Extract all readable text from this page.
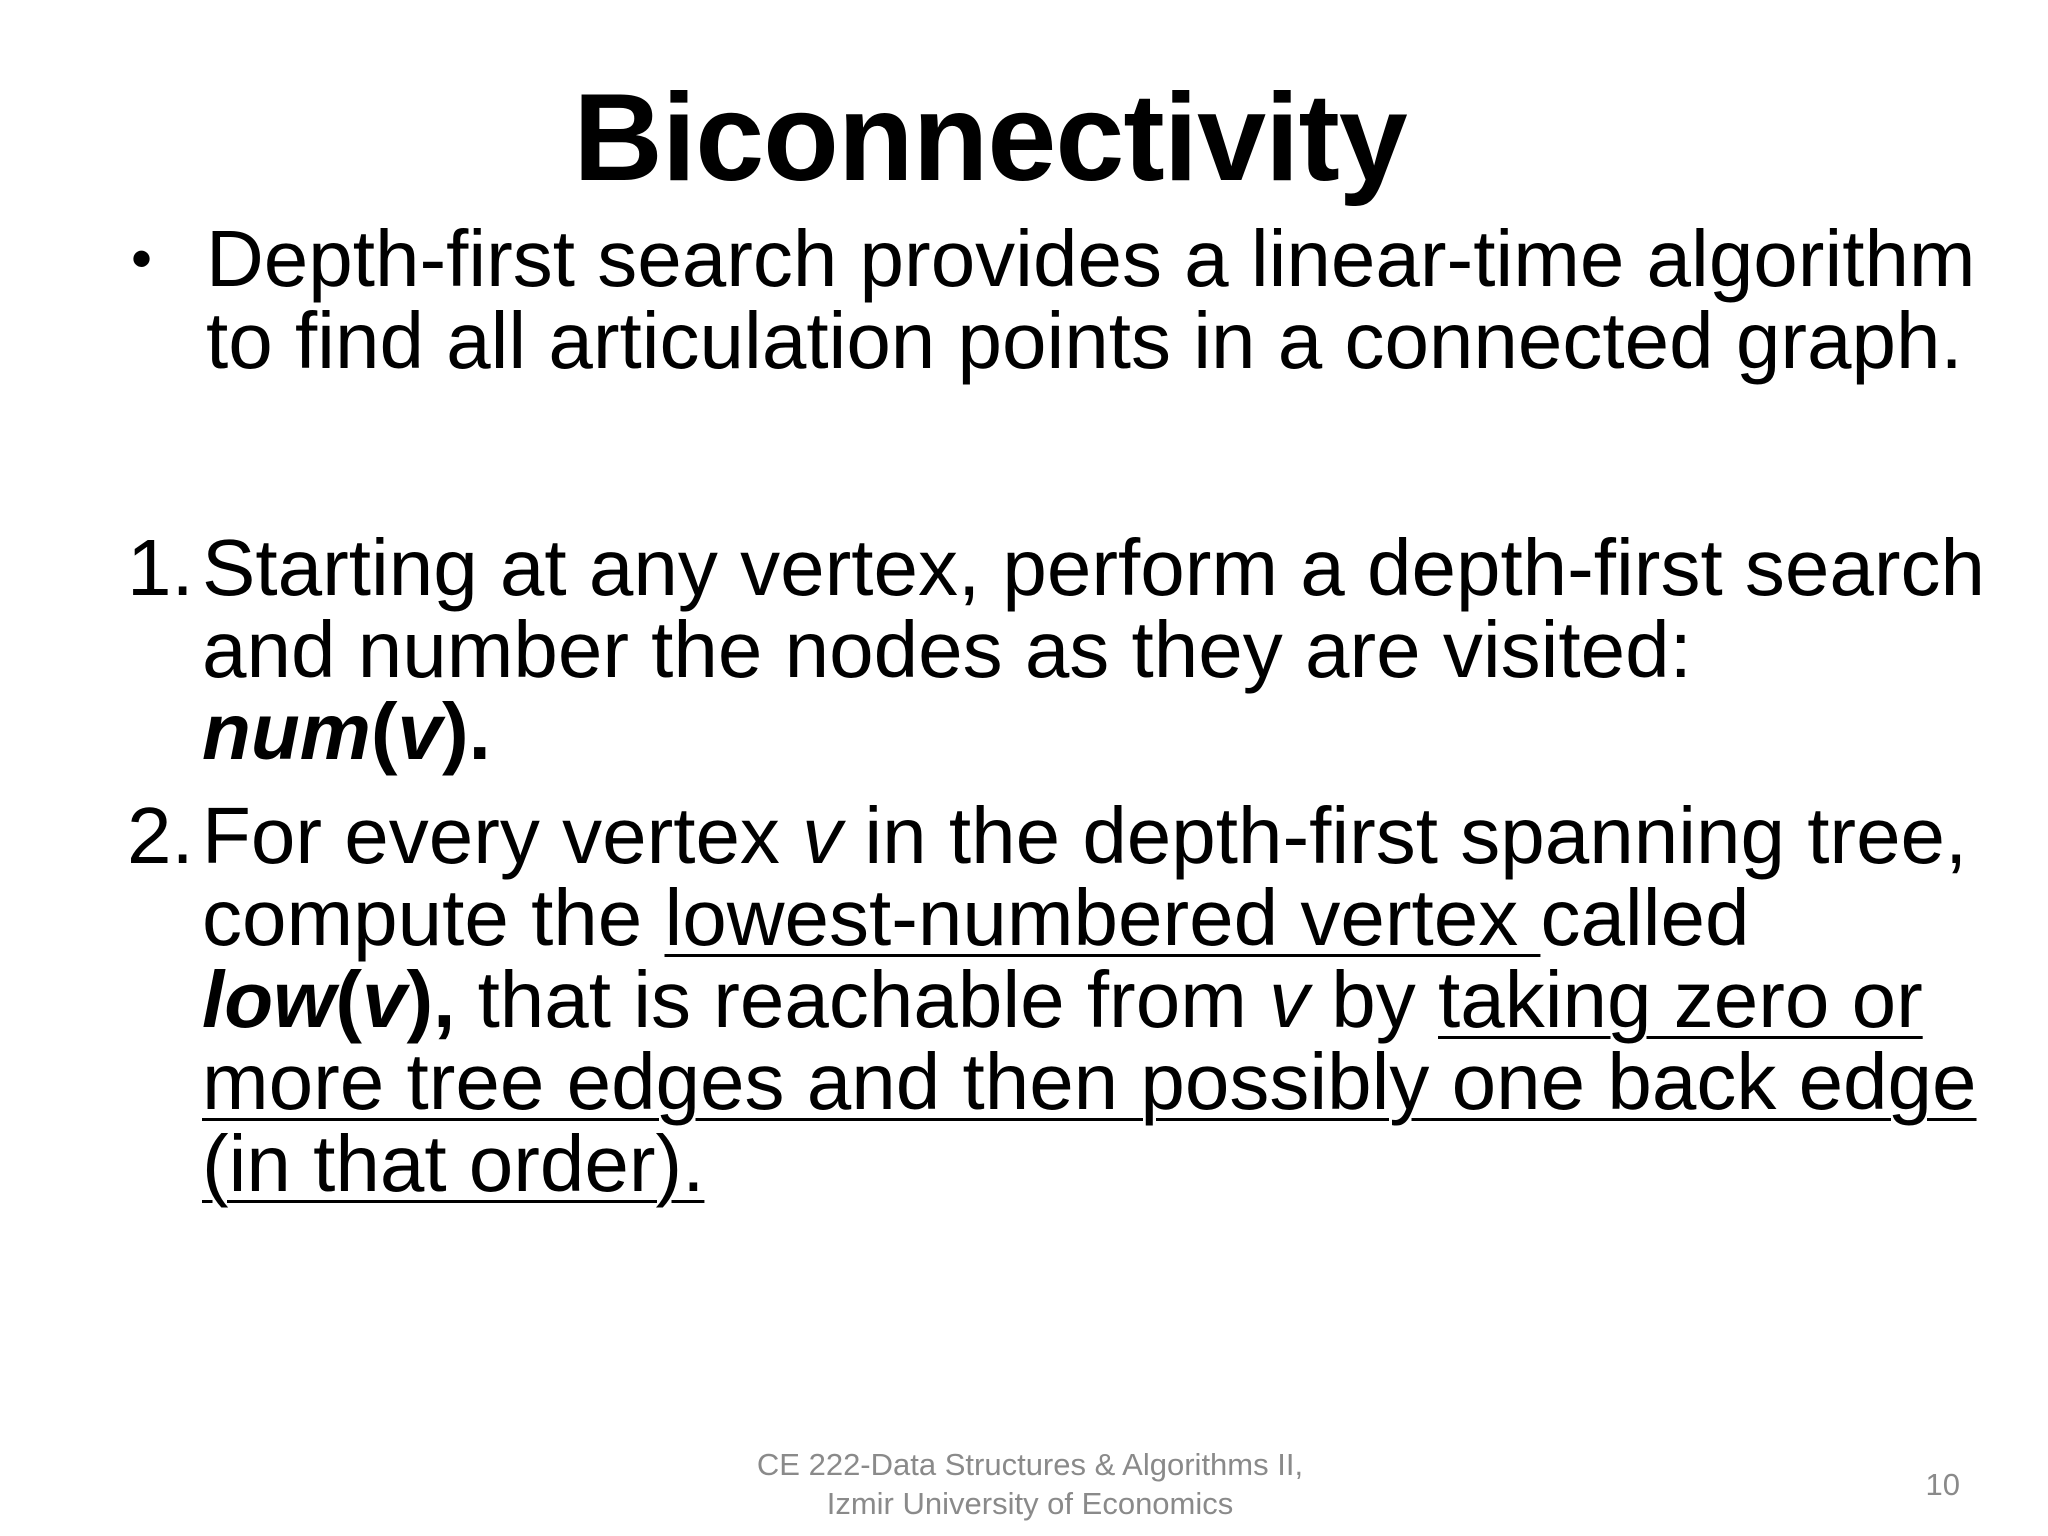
Biconnectivity
• Depth-first search provides a linear-time algorithm to find all articulation points in a connected graph.
1. Starting at any vertex, perform a depth-first search and number the nodes as they are visited: num(v).
2. For every vertex v in the depth-first spanning tree, compute the lowest-numbered vertex called low(v), that is reachable from v by taking zero or more tree edges and then possibly one back edge (in that order).
CE 222-Data Structures & Algorithms II,
Izmir University of Economics
10
